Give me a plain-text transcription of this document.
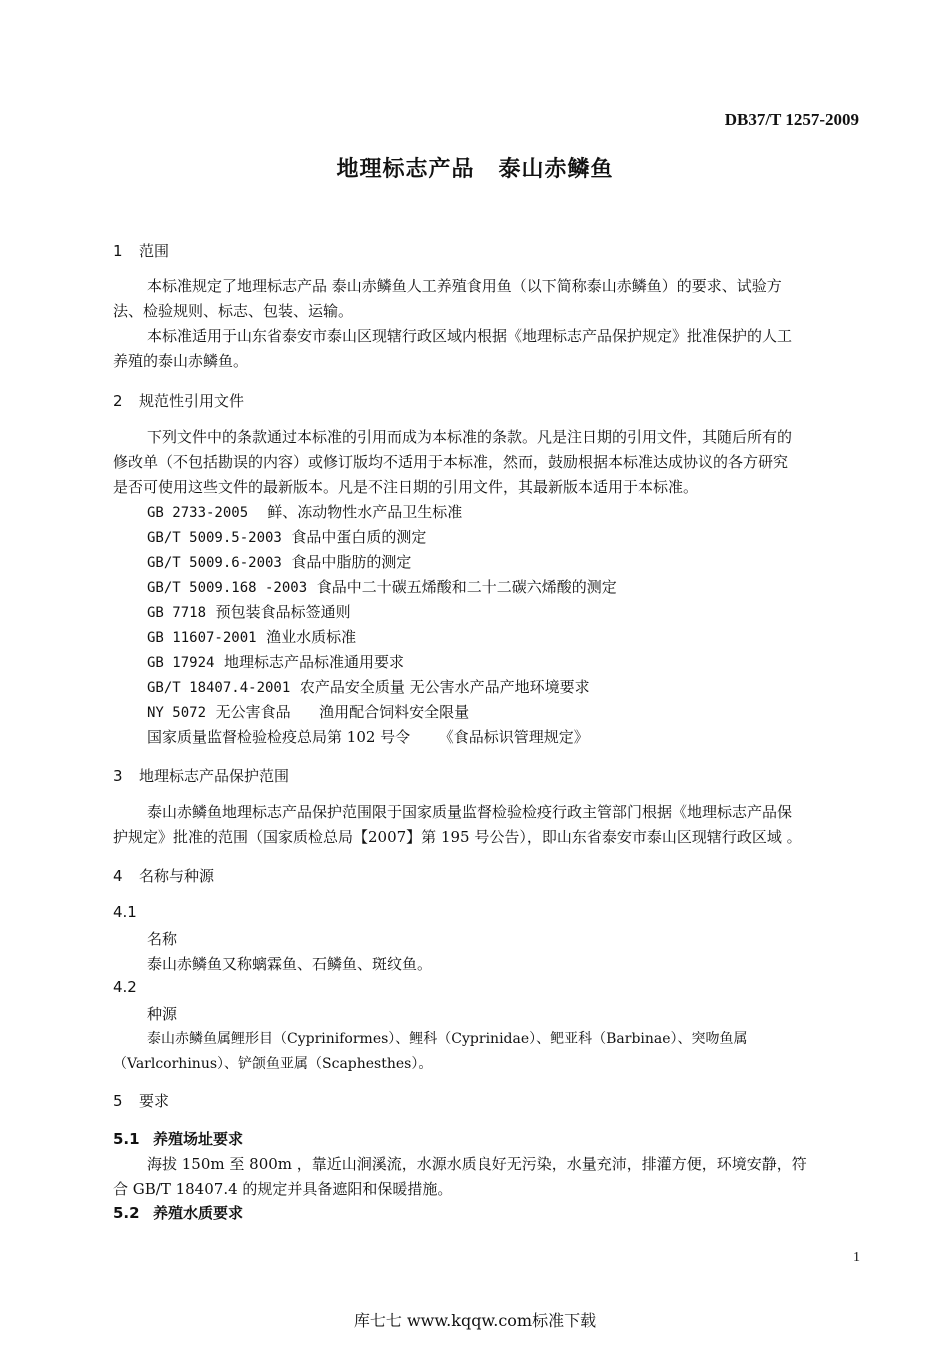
DB37/T 1257-2009
地理标志产品 泰山赤鳞鱼
1 范围
本标准规定了地理标志产品 泰山赤鳞鱼人工养殖食用鱼（以下简称泰山赤鳞鱼）的要求、试验方
法、检验规则、标志、包装、运输。
本标准适用于山东省泰安市泰山区现辖行政区域内根据《地理标志产品保护规定》批准保护的人工
养殖的泰山赤鳞鱼。
2 规范性引用文件
下列文件中的条款通过本标准的引用而成为本标准的条款。凡是注日期的引用文件，其随后所有的
修改单（不包括勘误的内容）或修订版均不适用于本标准，然而，鼓励根据本标准达成协议的各方研究
是否可使用这些文件的最新版本。凡是不注日期的引用文件，其最新版本适用于本标准。
GB 2733-2005 鲜、冻动物性水产品卫生标准
GB/T 5009.5-2003 食品中蛋白质的测定
GB/T 5009.6-2003 食品中脂肪的测定
GB/T 5009.168 -2003 食品中二十碳五烯酸和二十二碳六烯酸的测定
GB 7718 预包装食品标签通则
GB 11607-2001 渔业水质标准
GB 17924 地理标志产品标准通用要求
GB/T 18407.4-2001 农产品安全质量 无公害水产品产地环境要求
NY 5072 无公害食品      渔用配合饲料安全限量
国家质量监督检验检疫总局第 102 号令      《食品标识管理规定》
3 地理标志产品保护范围
泰山赤鳞鱼地理标志产品保护范围限于国家质量监督检验检疫行政主管部门根据《地理标志产品保
护规定》批准的范围（国家质检总局【2007】第 195 号公告），即山东省泰安市泰山区现辖行政区域 。
4 名称与种源
4.1
名称
泰山赤鳞鱼又称螭霖鱼、石鳞鱼、斑纹鱼。
4.2
种源
泰山赤鳞鱼属鲤形目（Cypriniformes）、鲤科（Cyprinidae）、鲃亚科（Barbinae）、突吻鱼属
（Varlcorhinus）、铲颌鱼亚属（Scaphesthes）。
5 要求
5.1 养殖场址要求
海拔 150m 至 800m ，靠近山涧溪流，水源水质良好无污染，水量充沛，排灌方便，环境安静，符
合 GB/T 18407.4 的规定并具备遮阳和保暖措施。
5.2 养殖水质要求
1
库七七 www.kqqw.com标准下载
